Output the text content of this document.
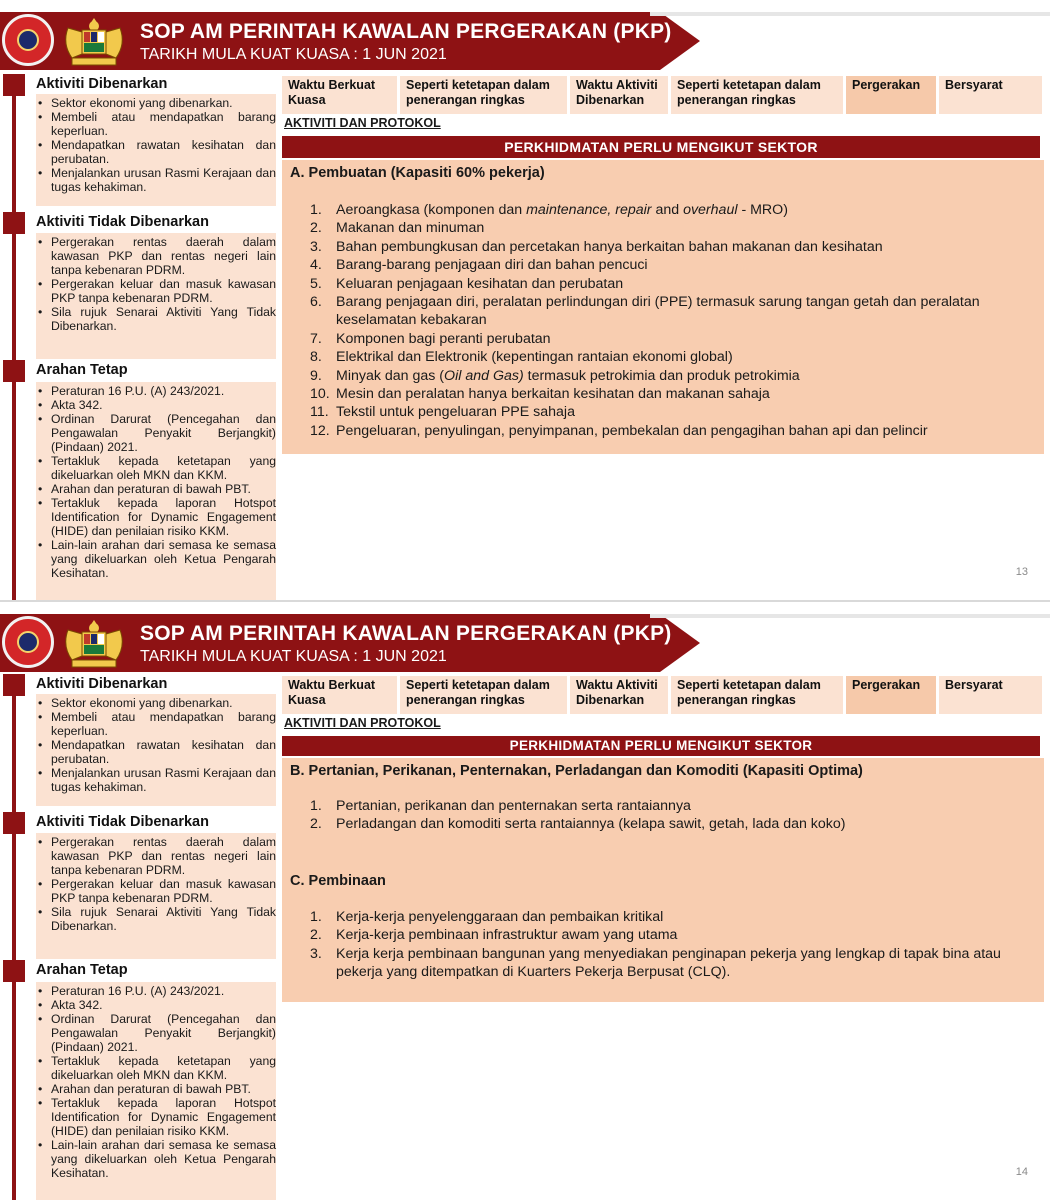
SOP AM PERINTAH KAWALAN PERGERAKAN (PKP)
TARIKH MULA KUAT KUASA : 1 JUN 2021
Aktiviti Dibenarkan
• Sektor ekonomi yang dibenarkan.
• Membeli atau mendapatkan barang keperluan.
• Mendapatkan rawatan kesihatan dan perubatan.
• Menjalankan urusan Rasmi Kerajaan dan tugas kehakiman.
Aktiviti Tidak Dibenarkan
• Pergerakan rentas daerah dalam kawasan PKP dan rentas negeri lain tanpa kebenaran PDRM.
• Pergerakan keluar dan masuk kawasan PKP tanpa kebenaran PDRM.
• Sila rujuk Senarai Aktiviti Yang Tidak Dibenarkan.
Arahan Tetap
• Peraturan 16 P.U. (A) 243/2021.
• Akta 342.
• Ordinan Darurat (Pencegahan dan Pengawalan Penyakit Berjangkit) (Pindaan) 2021.
• Tertakluk kepada ketetapan yang dikeluarkan oleh MKN dan KKM.
• Arahan dan peraturan di bawah PBT.
• Tertakluk kepada laporan Hotspot Identification for Dynamic Engagement (HIDE) dan penilaian risiko KKM.
• Lain-lain arahan dari semasa ke semasa yang dikeluarkan oleh Ketua Pengarah Kesihatan.
Waktu Berkuat Kuasa
Seperti ketetapan dalam penerangan ringkas
Waktu Aktiviti Dibenarkan
Seperti ketetapan dalam penerangan ringkas
Pergerakan	Bersyarat
AKTIVITI DAN PROTOKOL
PERKHIDMATAN PERLU MENGIKUT SEKTOR
A. Pembuatan (Kapasiti 60% pekerja)
1. Aeroangkasa (komponen dan maintenance, repair and overhaul - MRO)
2. Makanan dan minuman
3. Bahan pembungkusan dan percetakan hanya berkaitan bahan makanan dan kesihatan
4. Barang-barang penjagaan diri dan bahan pencuci
5. Keluaran penjagaan kesihatan dan perubatan
6. Barang penjagaan diri, peralatan perlindungan diri (PPE) termasuk sarung tangan getah dan peralatan keselamatan kebakaran
7. Komponen bagi peranti perubatan
8. Elektrikal dan Elektronik (kepentingan rantaian ekonomi global)
9. Minyak dan gas (Oil and Gas) termasuk petrokimia dan produk petrokimia
10. Mesin dan peralatan hanya berkaitan kesihatan dan makanan sahaja
11. Tekstil untuk pengeluaran PPE sahaja
12. Pengeluaran, penyulingan, penyimpanan, pembekalan dan pengagihan bahan api dan pelincir
13
SOP AM PERINTAH KAWALAN PERGERAKAN (PKP)
TARIKH MULA KUAT KUASA : 1 JUN 2021
Aktiviti Dibenarkan
• Sektor ekonomi yang dibenarkan.
• Membeli atau mendapatkan barang keperluan.
• Mendapatkan rawatan kesihatan dan perubatan.
• Menjalankan urusan Rasmi Kerajaan dan tugas kehakiman.
Aktiviti Tidak Dibenarkan
• Pergerakan rentas daerah dalam kawasan PKP dan rentas negeri lain tanpa kebenaran PDRM.
• Pergerakan keluar dan masuk kawasan PKP tanpa kebenaran PDRM.
• Sila rujuk Senarai Aktiviti Yang Tidak Dibenarkan.
Arahan Tetap
• Peraturan 16 P.U. (A) 243/2021.
• Akta 342.
• Ordinan Darurat (Pencegahan dan Pengawalan Penyakit Berjangkit) (Pindaan) 2021.
• Tertakluk kepada ketetapan yang dikeluarkan oleh MKN dan KKM.
• Arahan dan peraturan di bawah PBT.
• Tertakluk kepada laporan Hotspot Identification for Dynamic Engagement (HIDE) dan penilaian risiko KKM.
• Lain-lain arahan dari semasa ke semasa yang dikeluarkan oleh Ketua Pengarah Kesihatan.
Waktu Berkuat Kuasa
Seperti ketetapan dalam penerangan ringkas
Waktu Aktiviti Dibenarkan
Seperti ketetapan dalam penerangan ringkas
Pergerakan	Bersyarat
AKTIVITI DAN PROTOKOL
PERKHIDMATAN PERLU MENGIKUT SEKTOR
B. Pertanian, Perikanan, Penternakan, Perladangan dan Komoditi (Kapasiti Optima)
1. Pertanian, perikanan dan penternakan serta rantaiannya
2. Perladangan dan komoditi serta rantaiannya (kelapa sawit, getah, lada dan koko)
C. Pembinaan
1. Kerja-kerja penyelenggaraan dan pembaikan kritikal
2. Kerja-kerja pembinaan infrastruktur awam yang utama
3. Kerja kerja pembinaan bangunan yang menyediakan penginapan pekerja yang lengkap di tapak bina atau pekerja yang ditempatkan di Kuarters Pekerja Berpusat (CLQ).
14
